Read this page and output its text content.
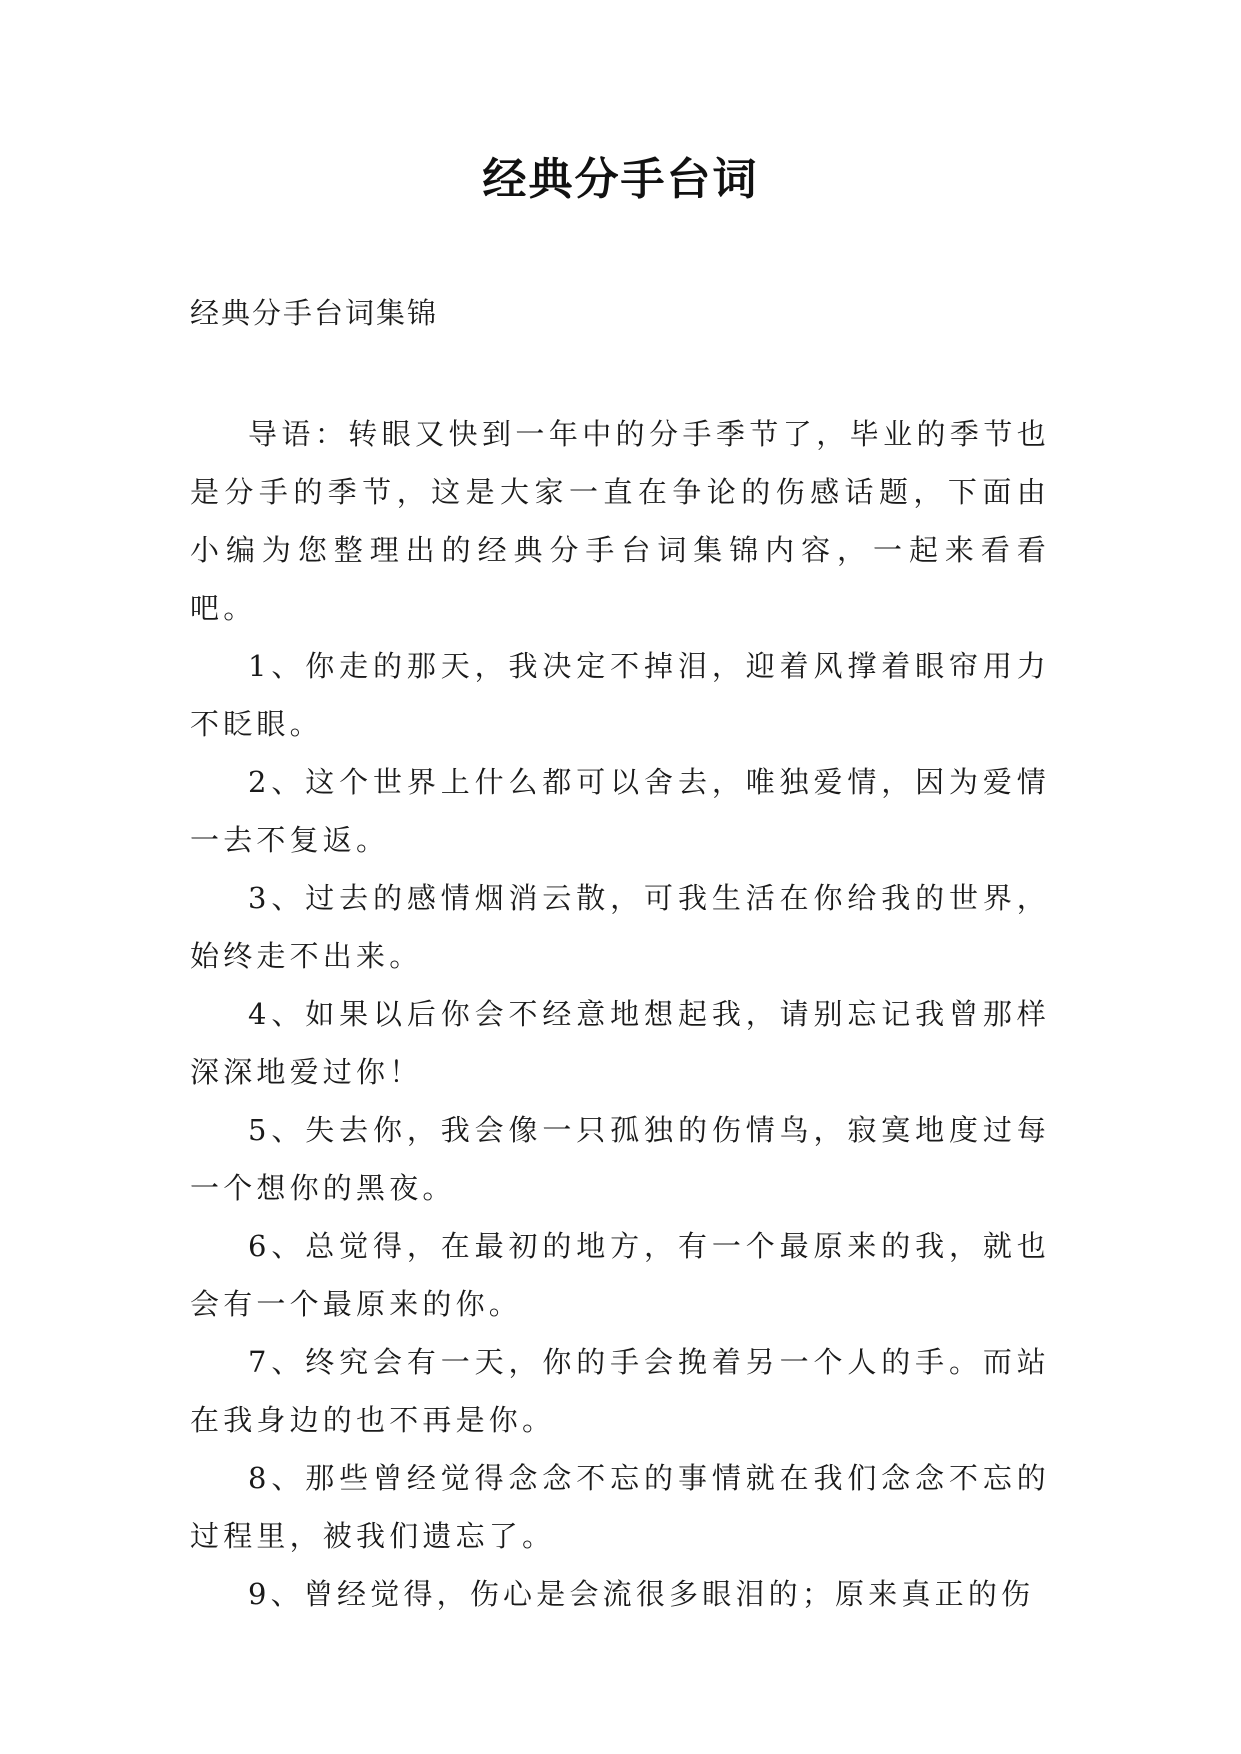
经典分手台词

经典分手台词集锦

导语：转眼又快到一年中的分手季节了，毕业的季节也是分手的季节，这是大家一直在争论的伤感话题，下面由小编为您整理出的经典分手台词集锦内容，一起来看看吧。

1、你走的那天，我决定不掉泪，迎着风撑着眼帘用力不眨眼。

2、这个世界上什么都可以舍去，唯独爱情，因为爱情一去不复返。

3、过去的感情烟消云散，可我生活在你给我的世界，始终走不出来。

4、如果以后你会不经意地想起我，请别忘记我曾那样深深地爱过你！

5、失去你，我会像一只孤独的伤情鸟，寂寞地度过每一个想你的黑夜。

6、总觉得，在最初的地方，有一个最原来的我，就也会有一个最原来的你。

7、终究会有一天，你的手会挽着另一个人的手。而站在我身边的也不再是你。

8、那些曾经觉得念念不忘的事情就在我们念念不忘的过程里，被我们遗忘了。

9、曾经觉得，伤心是会流很多眼泪的；原来真正的伤
